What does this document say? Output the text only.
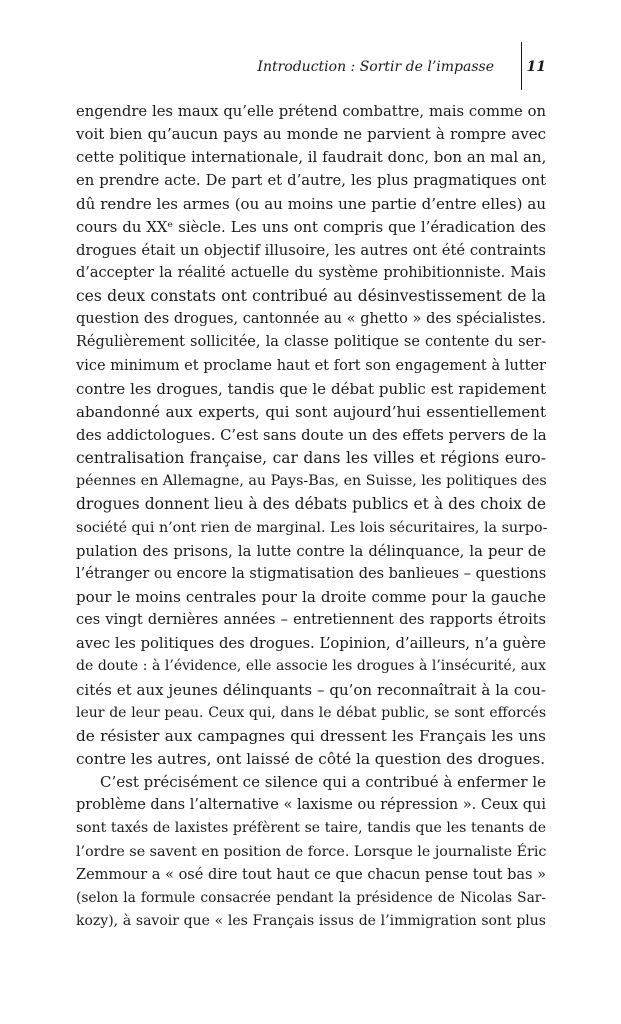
Introduction : Sortir de l’impasse 11
engendre les maux qu’elle prétend combattre, mais comme on
voit bien qu’aucun pays au monde ne parvient à rompre avec
cette politique internationale, il faudrait donc, bon an mal an,
en prendre acte. De part et d’autre, les plus pragmatiques ont
dû rendre les armes (ou au moins une partie d’entre elles) au
cours du XXᵉ siècle. Les uns ont compris que l’éradication des
drogues était un objectif illusoire, les autres ont été contraints
d’accepter la réalité actuelle du système prohibitionniste. Mais
ces deux constats ont contribué au désinvestissement de la
question des drogues, cantonnée au « ghetto » des spécialistes.
Régulièrement sollicitée, la classe politique se contente du ser-
vice minimum et proclame haut et fort son engagement à lutter
contre les drogues, tandis que le débat public est rapidement
abandonné aux experts, qui sont aujourd’hui essentiellement
des addictologues. C’est sans doute un des effets pervers de la
centralisation française, car dans les villes et régions euro-
péennes en Allemagne, au Pays-Bas, en Suisse, les politiques des
drogues donnent lieu à des débats publics et à des choix de
société qui n’ont rien de marginal. Les lois sécuritaires, la surpo-
pulation des prisons, la lutte contre la délinquance, la peur de
l’étranger ou encore la stigmatisation des banlieues – questions
pour le moins centrales pour la droite comme pour la gauche
ces vingt dernières années – entretiennent des rapports étroits
avec les politiques des drogues. L’opinion, d’ailleurs, n’a guère
de doute : à l’évidence, elle associe les drogues à l’insécurité, aux
cités et aux jeunes délinquants – qu’on reconnaîtrait à la cou-
leur de leur peau. Ceux qui, dans le débat public, se sont efforcés
de résister aux campagnes qui dressent les Français les uns
contre les autres, ont laissé de côté la question des drogues.
C’est précisément ce silence qui a contribué à enfermer le
problème dans l’alternative « laxisme ou répression ». Ceux qui
sont taxés de laxistes préfèrent se taire, tandis que les tenants de
l’ordre se savent en position de force. Lorsque le journaliste Éric
Zemmour a « osé dire tout haut ce que chacun pense tout bas »
(selon la formule consacrée pendant la présidence de Nicolas Sar-
kozy), à savoir que « les Français issus de l’immigration sont plus
